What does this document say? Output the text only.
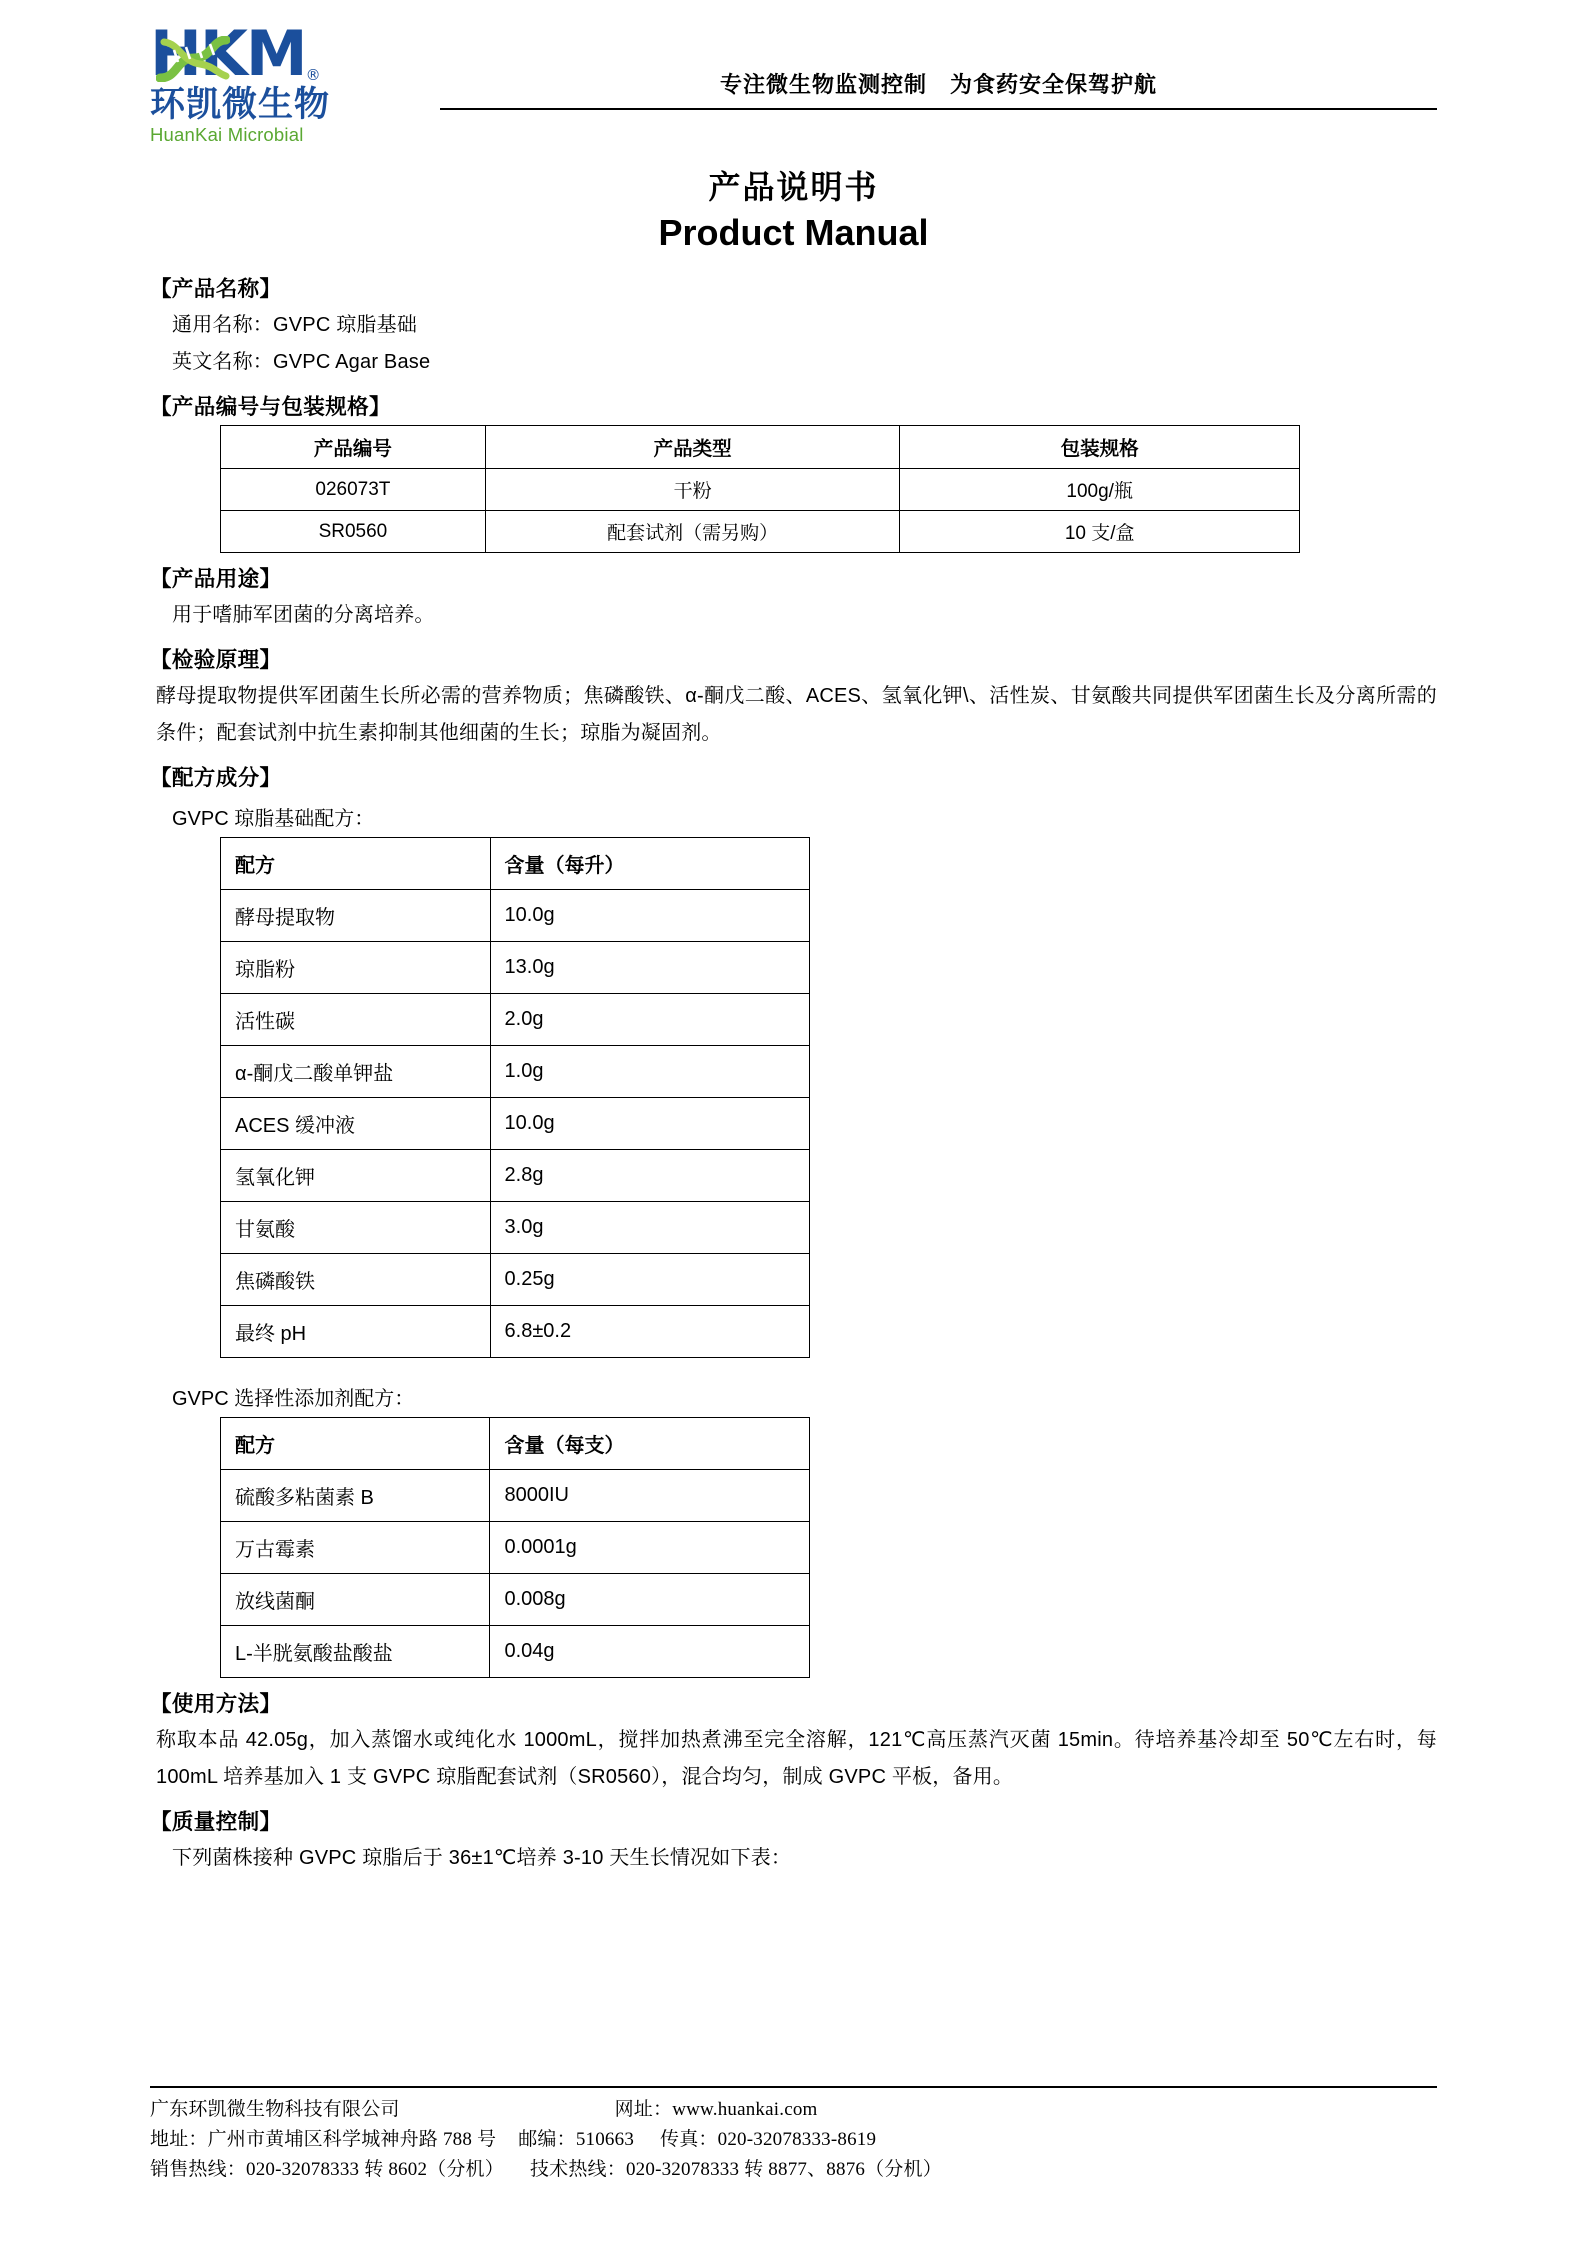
HKM ®
环凯微生物
HuanKai Microbial
专注微生物监测控制　为食药安全保驾护航
产品说明书
Product Manual
【产品名称】
通用名称：GVPC 琼脂基础
英文名称：GVPC Agar Base
【产品编号与包装规格】
产品编号	产品类型	包装规格
026073T	干粉	100g/瓶
SR0560	配套试剂（需另购）	10 支/盒
【产品用途】
用于嗜肺军团菌的分离培养。
【检验原理】
酵母提取物提供军团菌生长所必需的营养物质；焦磷酸铁、α-酮戊二酸、ACES、氢氧化钾\、活性炭、甘氨酸共同提供军团菌生长及分离所需的条件；配套试剂中抗生素抑制其他细菌的生长；琼脂为凝固剂。
【配方成分】
GVPC 琼脂基础配方：
配方	含量（每升）
酵母提取物	10.0g
琼脂粉	13.0g
活性碳	2.0g
α-酮戊二酸单钾盐	1.0g
ACES 缓冲液	10.0g
氢氧化钾	2.8g
甘氨酸	3.0g
焦磷酸铁	0.25g
最终 pH	6.8±0.2
GVPC 选择性添加剂配方：
配方	含量（每支）
硫酸多粘菌素 B	8000IU
万古霉素	0.0001g
放线菌酮	0.008g
L-半胱氨酸盐酸盐	0.04g
【使用方法】
称取本品 42.05g，加入蒸馏水或纯化水 1000mL，搅拌加热煮沸至完全溶解，121℃高压蒸汽灭菌 15min。待培养基冷却至 50℃左右时，每 100mL 培养基加入 1 支 GVPC 琼脂配套试剂（SR0560），混合均匀，制成 GVPC 平板，备用。
【质量控制】
下列菌株接种 GVPC 琼脂后于 36±1℃培养 3-10 天生长情况如下表：
广东环凯微生物科技有限公司	网址：www.huankai.com
地址：广州市黄埔区科学城神舟路 788 号 邮编：510663 传真：020-32078333-8619
销售热线：020-32078333 转 8602（分机） 技术热线：020-32078333 转 8877、8876（分机）
